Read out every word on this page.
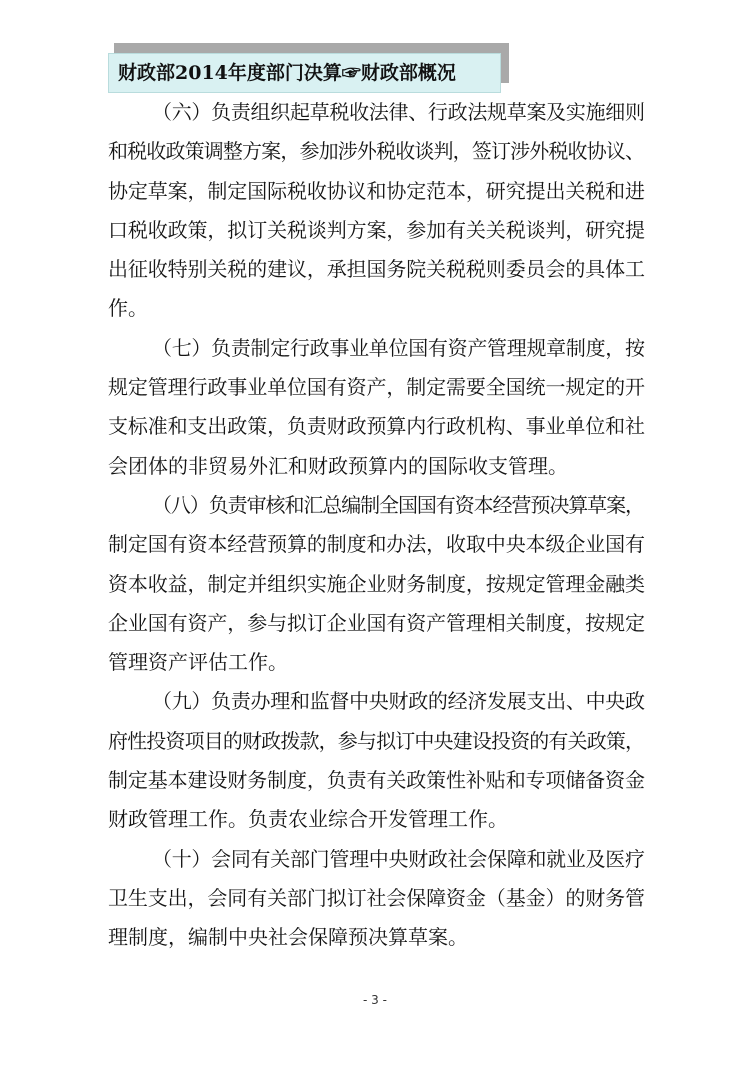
财政部2014年度部门决算☞财政部概况
（六）负责组织起草税收法律、行政法规草案及实施细则
和税收政策调整方案，参加涉外税收谈判，签订涉外税收协议、
协定草案，制定国际税收协议和协定范本，研究提出关税和进
口税收政策，拟订关税谈判方案，参加有关关税谈判，研究提
出征收特别关税的建议，承担国务院关税税则委员会的具体工
作。
（七）负责制定行政事业单位国有资产管理规章制度，按
规定管理行政事业单位国有资产，制定需要全国统一规定的开
支标准和支出政策，负责财政预算内行政机构、事业单位和社
会团体的非贸易外汇和财政预算内的国际收支管理。
（八）负责审核和汇总编制全国国有资本经营预决算草案，
制定国有资本经营预算的制度和办法，收取中央本级企业国有
资本收益，制定并组织实施企业财务制度，按规定管理金融类
企业国有资产，参与拟订企业国有资产管理相关制度，按规定
管理资产评估工作。
（九）负责办理和监督中央财政的经济发展支出、中央政
府性投资项目的财政拨款，参与拟订中央建设投资的有关政策，
制定基本建设财务制度，负责有关政策性补贴和专项储备资金
财政管理工作。负责农业综合开发管理工作。
（十）会同有关部门管理中央财政社会保障和就业及医疗
卫生支出，会同有关部门拟订社会保障资金（基金）的财务管
理制度，编制中央社会保障预决算草案。
- 3 -
